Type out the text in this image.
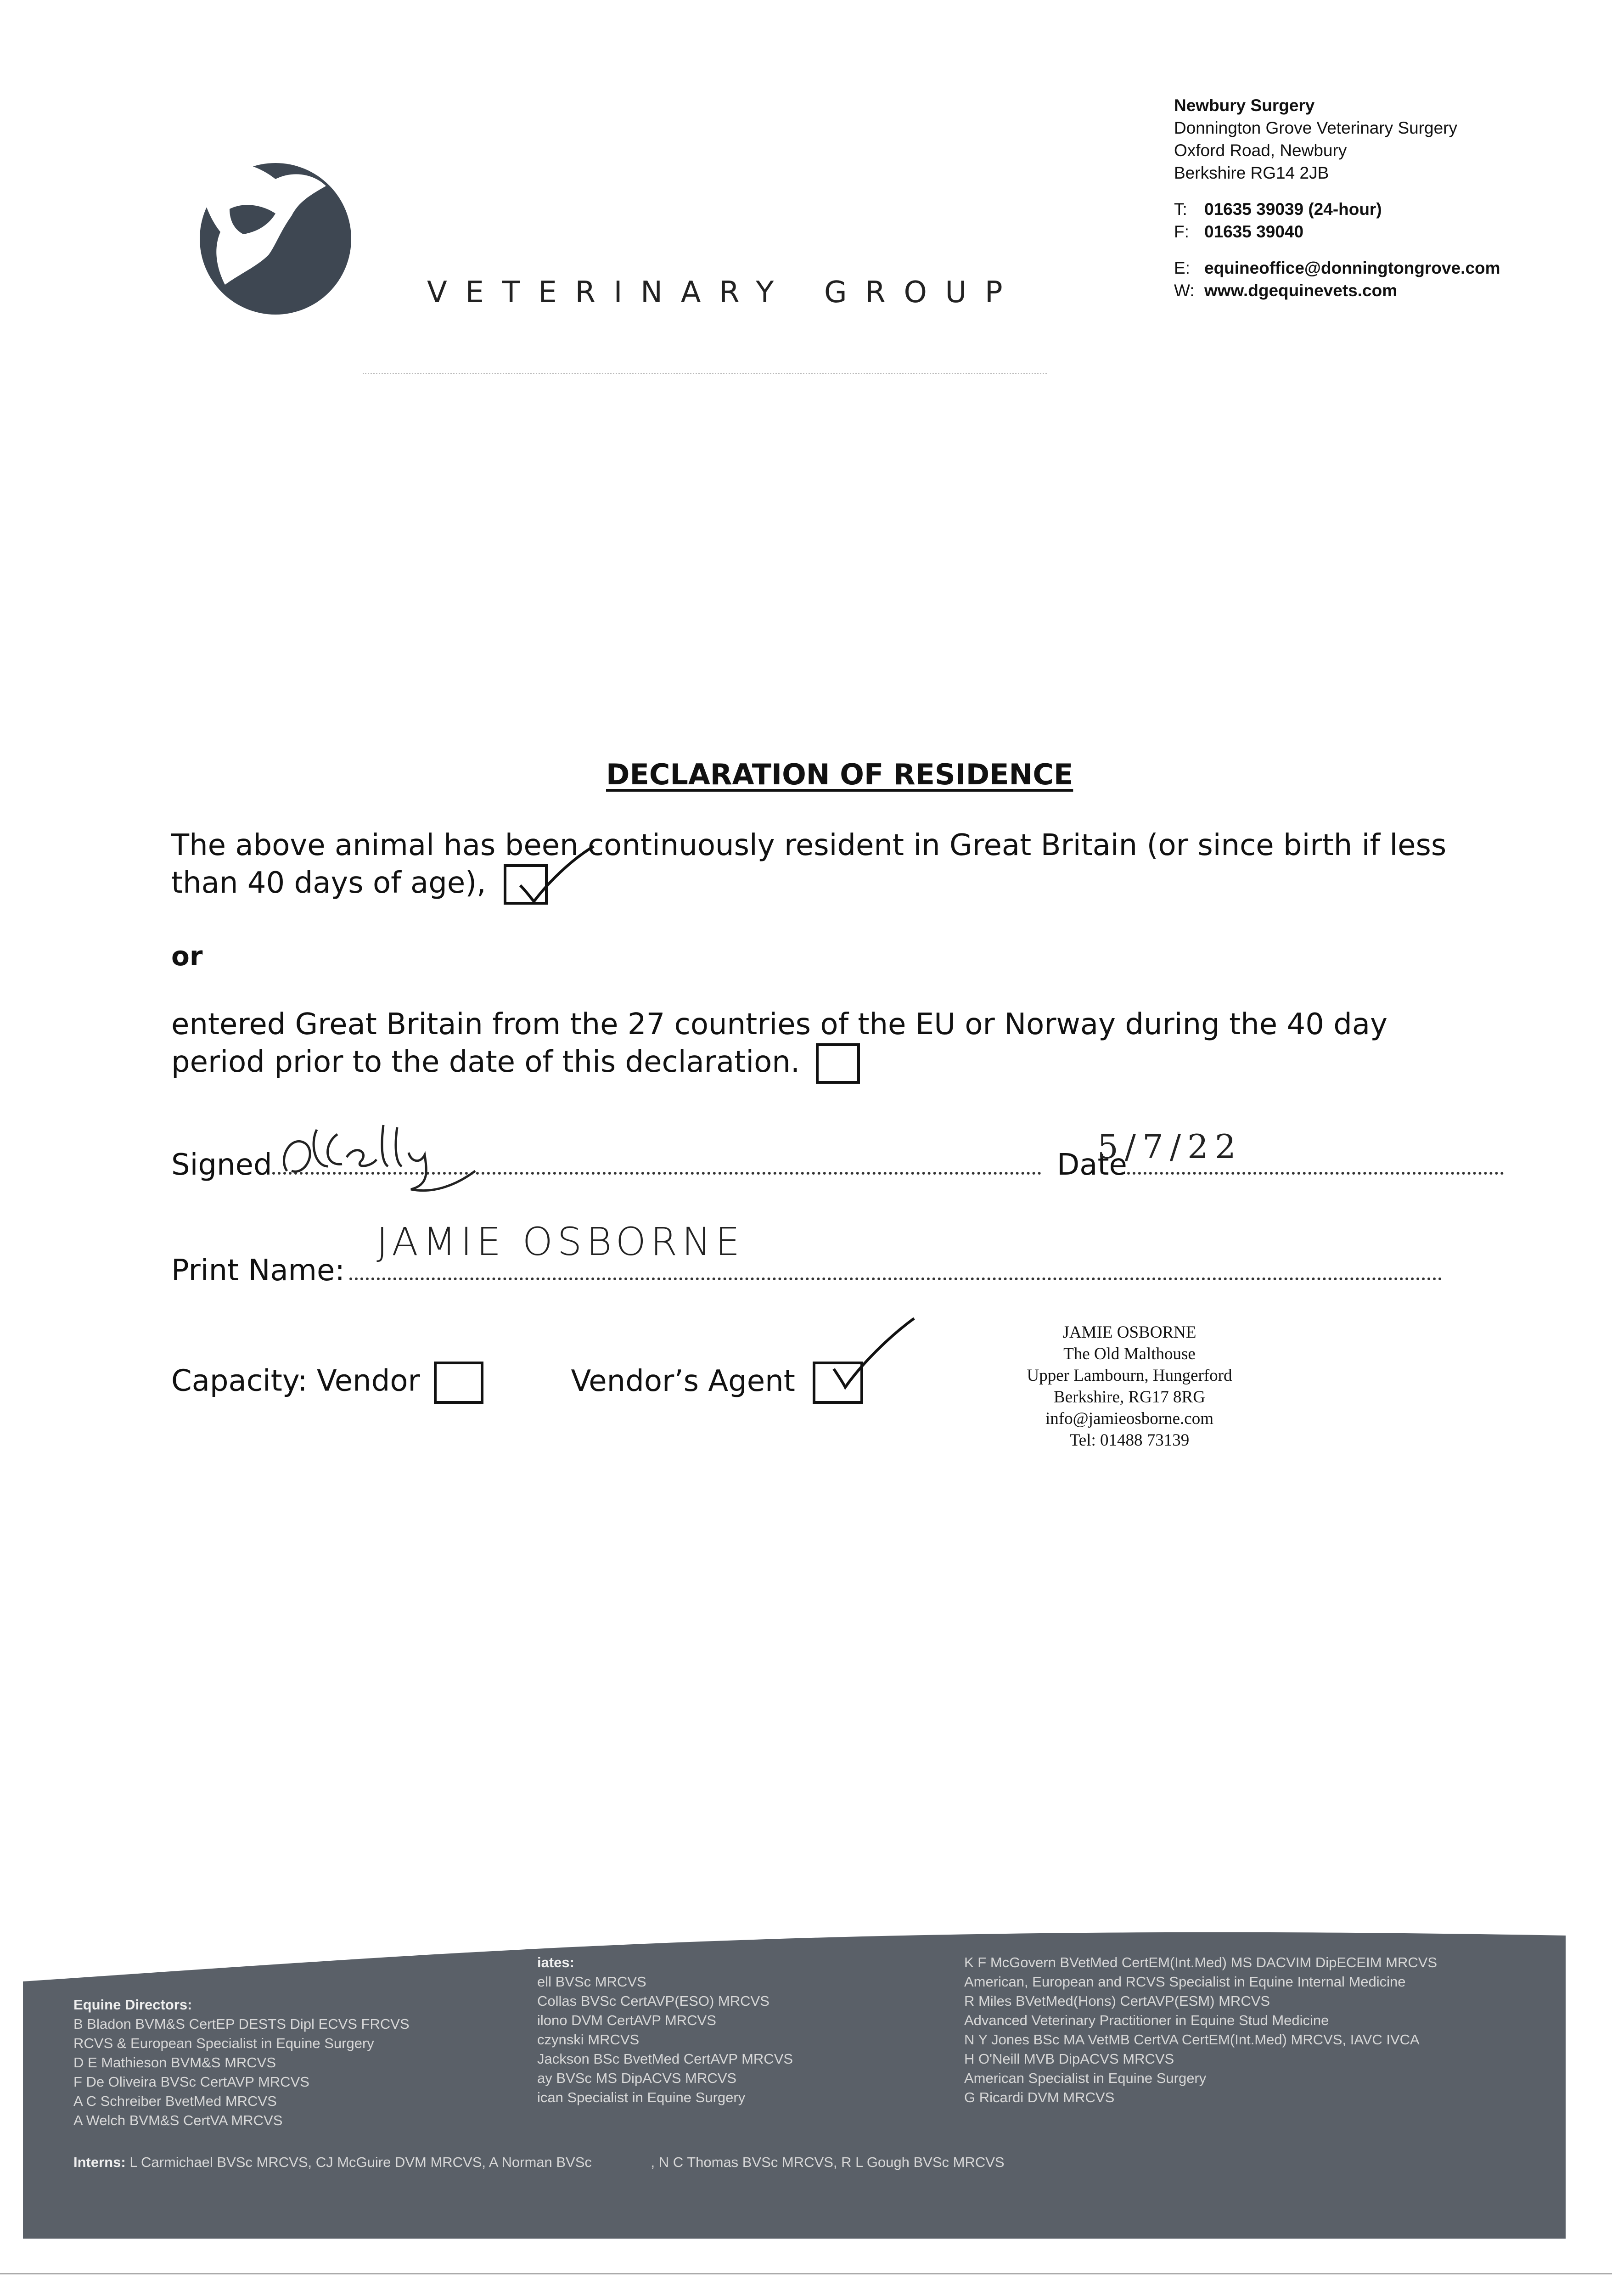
VETERINARY GROUP
Newbury Surgery
Donnington Grove Veterinary Surgery
Oxford Road, Newbury
Berkshire RG14 2JB
T: 01635 39039 (24-hour)
F: 01635 39040
E: equineoffice@donningtongrove.com
W: www.dgequinevets.com
DECLARATION OF RESIDENCE
The above animal has been continuously resident in Great Britain (or since birth if less than 40 days of age),
or
entered Great Britain from the 27 countries of the EU or Norway during the 40 day period prior to the date of this declaration.
Signed	Date
5/7/22
Print Name:
JAMIE OSBORNE
Capacity: Vendor	Vendor’s Agent
JAMIE OSBORNE
The Old Malthouse
Upper Lambourn, Hungerford
Berkshire, RG17 8RG
info@jamieosborne.com
Tel: 01488 73139
Equine Directors:
B Bladon BVM&S CertEP DESTS Dipl ECVS FRCVS
RCVS & European Specialist in Equine Surgery
D E Mathieson BVM&S MRCVS
F De Oliveira BVSc CertAVP MRCVS
A C Schreiber BvetMed MRCVS
A Welch BVM&S CertVA MRCVS
iates:
ell BVSc MRCVS
Collas BVSc CertAVP(ESO) MRCVS
ilono DVM CertAVP MRCVS
czynski MRCVS
Jackson BSc BvetMed CertAVP MRCVS
ay BVSc MS DipACVS MRCVS
ican Specialist in Equine Surgery
K F McGovern BVetMed CertEM(Int.Med) MS DACVIM DipECEIM MRCVS
American, European and RCVS Specialist in Equine Internal Medicine
R Miles BVetMed(Hons) CertAVP(ESM) MRCVS
Advanced Veterinary Practitioner in Equine Stud Medicine
N Y Jones BSc MA VetMB CertVA CertEM(Int.Med) MRCVS, IAVC IVCA
H O'Neill MVB DipACVS MRCVS
American Specialist in Equine Surgery
G Ricardi DVM MRCVS
Interns: L Carmichael BVSc MRCVS, CJ McGuire DVM MRCVS, A Norman BVSc	, N C Thomas BVSc MRCVS, R L Gough BVSc MRCVS
